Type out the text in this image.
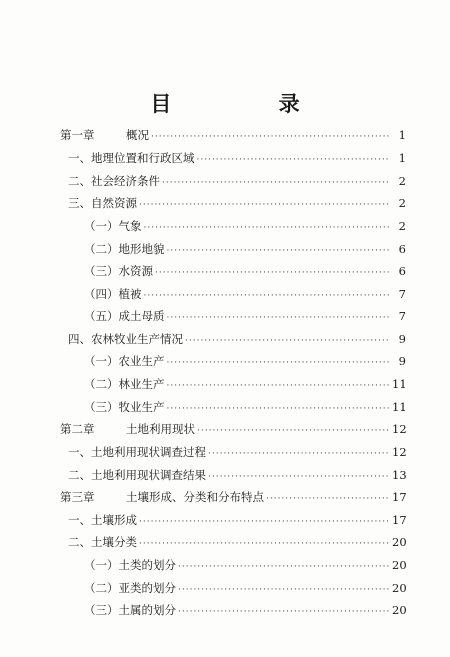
目 录
第一章	概况 ·····	1
一、地理位置和行政区域 ·····	1
二、社会经济条件 ·····	2
三、自然资源 ·····	2
（一）气象 ·····	2
（二）地形地貌 ·····	6
（三）水资源 ·····	6
（四）植被 ·····	7
（五）成土母质 ·····	7
四、农林牧业生产情况 ·····	9
（一）农业生产 ·····	9
（二）林业生产 ·····	11
（三）牧业生产 ·····	11
第二章	土地利用现状 ·····	12
一、土地利用现状调查过程 ·····	12
二、土地利用现状调查结果 ·····	13
第三章	土壤形成、分类和分布特点 ·····	17
一、土壤形成 ·····	17
二、土壤分类 ·····	20
（一）土类的划分 ·····	20
（二）亚类的划分 ·····	20
（三）土属的划分 ·····	20
